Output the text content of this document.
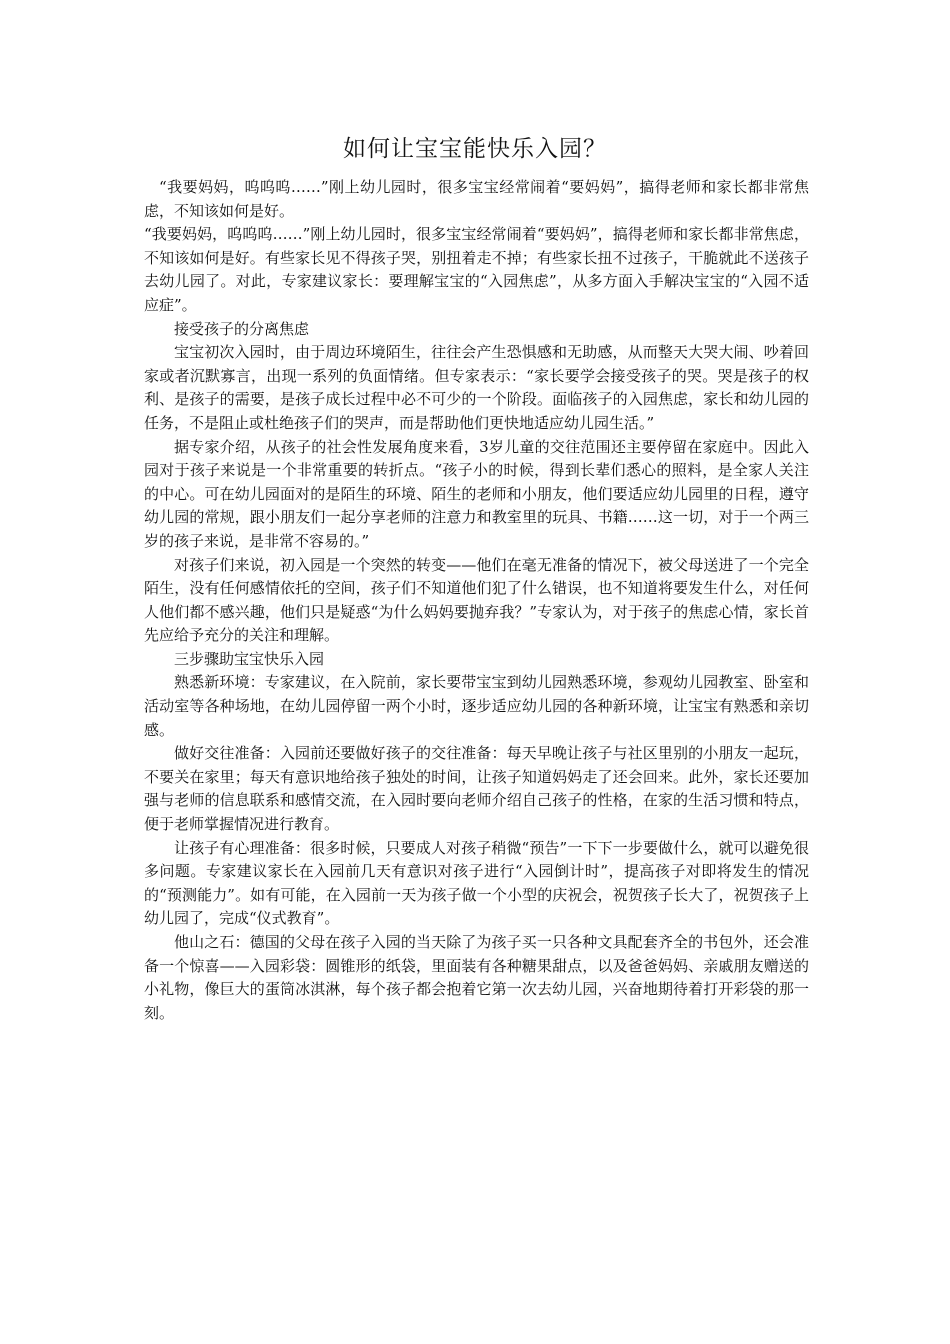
如何让宝宝能快乐入园？

“我要妈妈，呜呜呜……”刚上幼儿园时，很多宝宝经常闹着“要妈妈”，搞得老师和家长都非常焦虑，不知该如何是好。

“我要妈妈，呜呜呜……”刚上幼儿园时，很多宝宝经常闹着“要妈妈”，搞得老师和家长都非常焦虑，不知该如何是好。有些家长见不得孩子哭，别扭着走不掉；有些家长扭不过孩子，干脆就此不送孩子去幼儿园了。对此，专家建议家长：要理解宝宝的“入园焦虑”，从多方面入手解决宝宝的“入园不适应症”。

接受孩子的分离焦虑

宝宝初次入园时，由于周边环境陌生，往往会产生恐惧感和无助感，从而整天大哭大闹、吵着回家或者沉默寡言，出现一系列的负面情绪。但专家表示：“家长要学会接受孩子的哭。哭是孩子的权利、是孩子的需要，是孩子成长过程中必不可少的一个阶段。面临孩子的入园焦虑，家长和幼儿园的任务，不是阻止或杜绝孩子们的哭声，而是帮助他们更快地适应幼儿园生活。”

据专家介绍，从孩子的社会性发展角度来看，3岁儿童的交往范围还主要停留在家庭中。因此入园对于孩子来说是一个非常重要的转折点。“孩子小的时候，得到长辈们悉心的照料，是全家人关注的中心。可在幼儿园面对的是陌生的环境、陌生的老师和小朋友，他们要适应幼儿园里的日程，遵守幼儿园的常规，跟小朋友们一起分享老师的注意力和教室里的玩具、书籍……这一切，对于一个两三岁的孩子来说，是非常不容易的。”

对孩子们来说，初入园是一个突然的转变——他们在毫无准备的情况下，被父母送进了一个完全陌生，没有任何感情依托的空间，孩子们不知道他们犯了什么错误，也不知道将要发生什么，对任何人他们都不感兴趣，他们只是疑惑“为什么妈妈要抛弃我？”专家认为，对于孩子的焦虑心情，家长首先应给予充分的关注和理解。

三步骤助宝宝快乐入园

熟悉新环境：专家建议，在入院前，家长要带宝宝到幼儿园熟悉环境，参观幼儿园教室、卧室和活动室等各种场地，在幼儿园停留一两个小时，逐步适应幼儿园的各种新环境，让宝宝有熟悉和亲切感。

做好交往准备：入园前还要做好孩子的交往准备：每天早晚让孩子与社区里别的小朋友一起玩，不要关在家里；每天有意识地给孩子独处的时间，让孩子知道妈妈走了还会回来。此外，家长还要加强与老师的信息联系和感情交流，在入园时要向老师介绍自己孩子的性格，在家的生活习惯和特点，便于老师掌握情况进行教育。

让孩子有心理准备：很多时候，只要成人对孩子稍微“预告”一下下一步要做什么，就可以避免很多问题。专家建议家长在入园前几天有意识对孩子进行“入园倒计时”，提高孩子对即将发生的情况的“预测能力”。如有可能，在入园前一天为孩子做一个小型的庆祝会，祝贺孩子长大了，祝贺孩子上幼儿园了，完成“仪式教育”。

他山之石：德国的父母在孩子入园的当天除了为孩子买一只各种文具配套齐全的书包外，还会准备一个惊喜——入园彩袋：圆锥形的纸袋，里面装有各种糖果甜点，以及爸爸妈妈、亲戚朋友赠送的小礼物，像巨大的蛋筒冰淇淋，每个孩子都会抱着它第一次去幼儿园，兴奋地期待着打开彩袋的那一刻。
